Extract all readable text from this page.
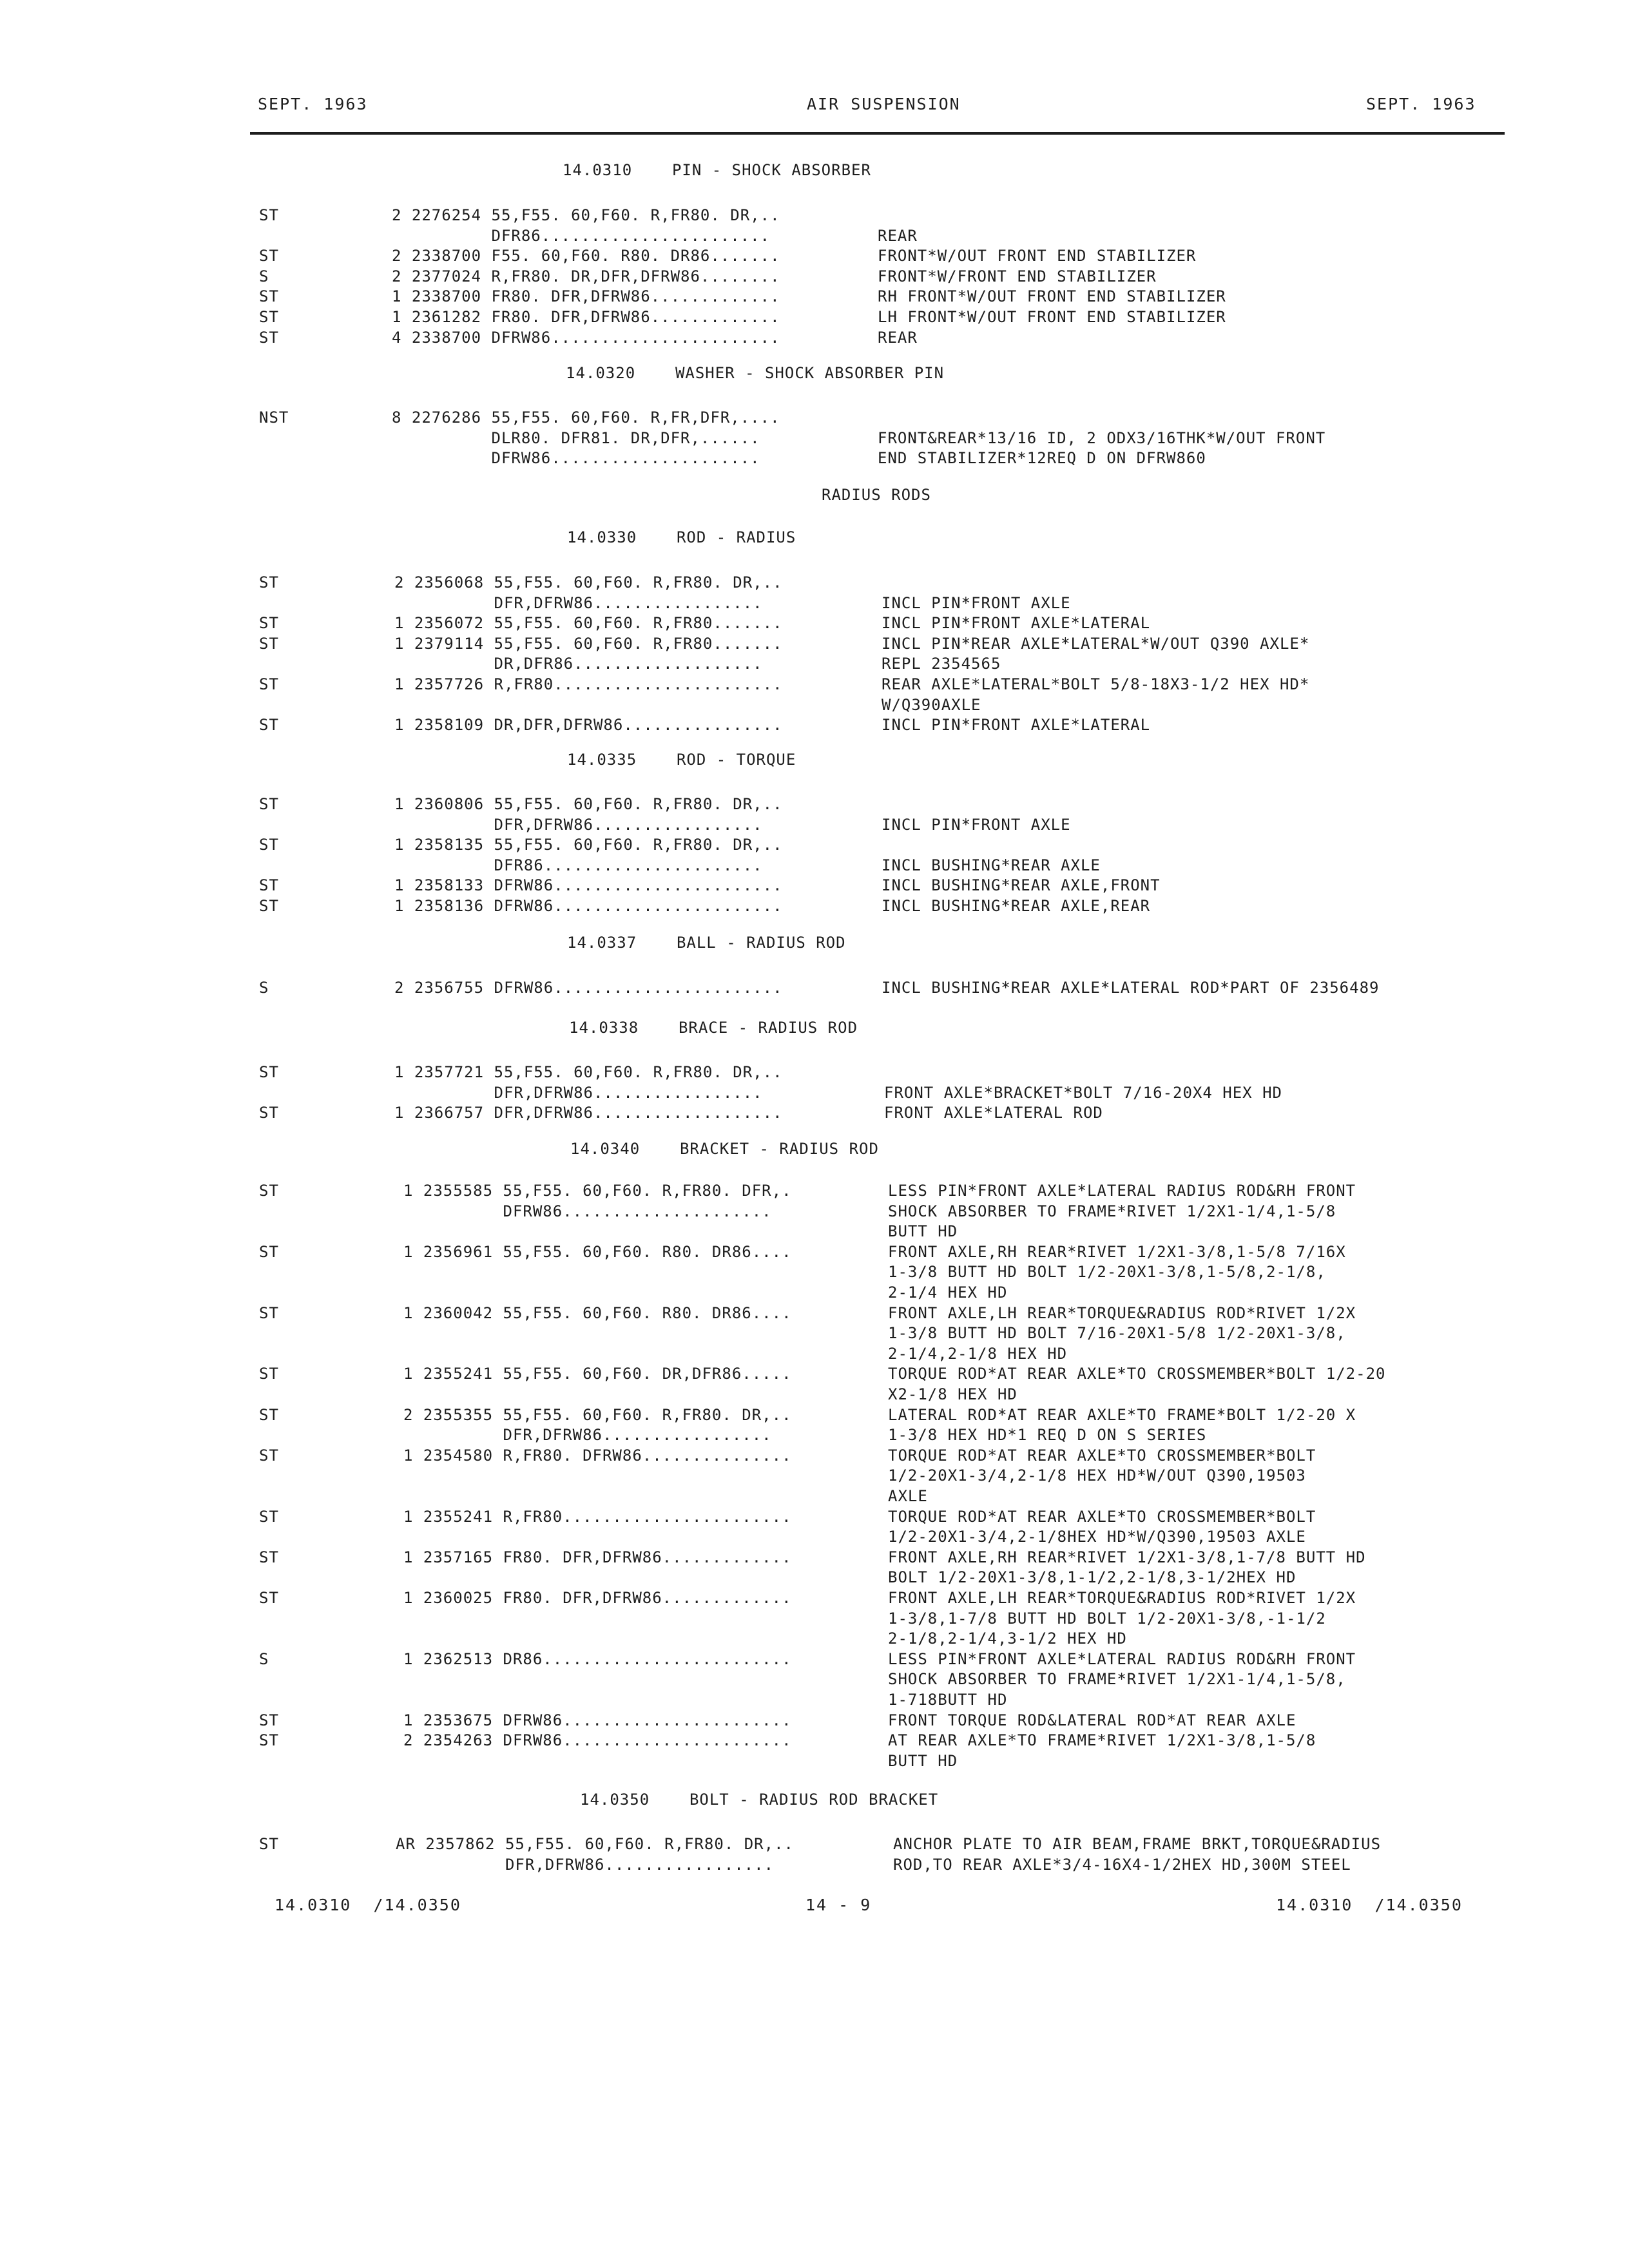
SEPT. 1963	AIR SUSPENSION	SEPT. 1963
14.0310    PIN - SHOCK ABSORBER
ST	2 2276254 55,F55. 60,F60. R,FR80. DR,..
DFR86.......................	REAR
ST	2 2338700 F55. 60,F60. R80. DR86.......	FRONT*W/OUT FRONT END STABILIZER
S	2 2377024 R,FR80. DR,DFR,DFRW86........	FRONT*W/FRONT END STABILIZER
ST	1 2338700 FR80. DFR,DFRW86.............	RH FRONT*W/OUT FRONT END STABILIZER
ST	1 2361282 FR80. DFR,DFRW86.............	LH FRONT*W/OUT FRONT END STABILIZER
ST	4 2338700 DFRW86.......................	REAR
14.0320    WASHER - SHOCK ABSORBER PIN
NST	8 2276286 55,F55. 60,F60. R,FR,DFR,....
DLR80. DFR81. DR,DFR,......	FRONT&REAR*13/16 ID, 2 ODX3/16THK*W/OUT FRONT
DFRW86.....................	END STABILIZER*12REQ D ON DFRW860
RADIUS RODS
14.0330    ROD - RADIUS
ST	2 2356068 55,F55. 60,F60. R,FR80. DR,..
DFR,DFRW86.................	INCL PIN*FRONT AXLE
ST	1 2356072 55,F55. 60,F60. R,FR80.......	INCL PIN*FRONT AXLE*LATERAL
ST	1 2379114 55,F55. 60,F60. R,FR80.......	INCL PIN*REAR AXLE*LATERAL*W/OUT Q390 AXLE*
DR,DFR86...................	REPL 2354565
ST	1 2357726 R,FR80.......................	REAR AXLE*LATERAL*BOLT 5/8-18X3-1/2 HEX HD*
W/Q390AXLE
ST	1 2358109 DR,DFR,DFRW86................	INCL PIN*FRONT AXLE*LATERAL
14.0335    ROD - TORQUE
ST	1 2360806 55,F55. 60,F60. R,FR80. DR,..
DFR,DFRW86.................	INCL PIN*FRONT AXLE
ST	1 2358135 55,F55. 60,F60. R,FR80. DR,..
DFR86......................	INCL BUSHING*REAR AXLE
ST	1 2358133 DFRW86.......................	INCL BUSHING*REAR AXLE,FRONT
ST	1 2358136 DFRW86.......................	INCL BUSHING*REAR AXLE,REAR
14.0337    BALL - RADIUS ROD
S	2 2356755 DFRW86.......................	INCL BUSHING*REAR AXLE*LATERAL ROD*PART OF 2356489
14.0338    BRACE - RADIUS ROD
ST	1 2357721 55,F55. 60,F60. R,FR80. DR,..
DFR,DFRW86.................	FRONT AXLE*BRACKET*BOLT 7/16-20X4 HEX HD
ST	1 2366757 DFR,DFRW86...................	FRONT AXLE*LATERAL ROD
14.0340    BRACKET - RADIUS ROD
ST	1 2355585 55,F55. 60,F60. R,FR80. DFR,.	LESS PIN*FRONT AXLE*LATERAL RADIUS ROD&RH FRONT
DFRW86.....................	SHOCK ABSORBER TO FRAME*RIVET 1/2X1-1/4,1-5/8
BUTT HD
ST	1 2356961 55,F55. 60,F60. R80. DR86....	FRONT AXLE,RH REAR*RIVET 1/2X1-3/8,1-5/8 7/16X
1-3/8 BUTT HD BOLT 1/2-20X1-3/8,1-5/8,2-1/8,
2-1/4 HEX HD
ST	1 2360042 55,F55. 60,F60. R80. DR86....	FRONT AXLE,LH REAR*TORQUE&RADIUS ROD*RIVET 1/2X
1-3/8 BUTT HD BOLT 7/16-20X1-5/8 1/2-20X1-3/8,
2-1/4,2-1/8 HEX HD
ST	1 2355241 55,F55. 60,F60. DR,DFR86.....	TORQUE ROD*AT REAR AXLE*TO CROSSMEMBER*BOLT 1/2-20
X2-1/8 HEX HD
ST	2 2355355 55,F55. 60,F60. R,FR80. DR,..	LATERAL ROD*AT REAR AXLE*TO FRAME*BOLT 1/2-20 X
DFR,DFRW86.................	1-3/8 HEX HD*1 REQ D ON S SERIES
ST	1 2354580 R,FR80. DFRW86...............	TORQUE ROD*AT REAR AXLE*TO CROSSMEMBER*BOLT
1/2-20X1-3/4,2-1/8 HEX HD*W/OUT Q390,19503
AXLE
ST	1 2355241 R,FR80.......................	TORQUE ROD*AT REAR AXLE*TO CROSSMEMBER*BOLT
1/2-20X1-3/4,2-1/8HEX HD*W/Q390,19503 AXLE
ST	1 2357165 FR80. DFR,DFRW86.............	FRONT AXLE,RH REAR*RIVET 1/2X1-3/8,1-7/8 BUTT HD
BOLT 1/2-20X1-3/8,1-1/2,2-1/8,3-1/2HEX HD
ST	1 2360025 FR80. DFR,DFRW86.............	FRONT AXLE,LH REAR*TORQUE&RADIUS ROD*RIVET 1/2X
1-3/8,1-7/8 BUTT HD BOLT 1/2-20X1-3/8,-1-1/2
2-1/8,2-1/4,3-1/2 HEX HD
S	1 2362513 DR86.........................	LESS PIN*FRONT AXLE*LATERAL RADIUS ROD&RH FRONT
SHOCK ABSORBER TO FRAME*RIVET 1/2X1-1/4,1-5/8,
1-718BUTT HD
ST	1 2353675 DFRW86.......................	FRONT TORQUE ROD&LATERAL ROD*AT REAR AXLE
ST	2 2354263 DFRW86.......................	AT REAR AXLE*TO FRAME*RIVET 1/2X1-3/8,1-5/8
BUTT HD
14.0350    BOLT - RADIUS ROD BRACKET
ST	AR 2357862 55,F55. 60,F60. R,FR80. DR,..	ANCHOR PLATE TO AIR BEAM,FRAME BRKT,TORQUE&RADIUS
DFR,DFRW86.................	ROD,TO REAR AXLE*3/4-16X4-1/2HEX HD,300M STEEL
14.0310  /14.0350	14 - 9	14.0310  /14.0350
